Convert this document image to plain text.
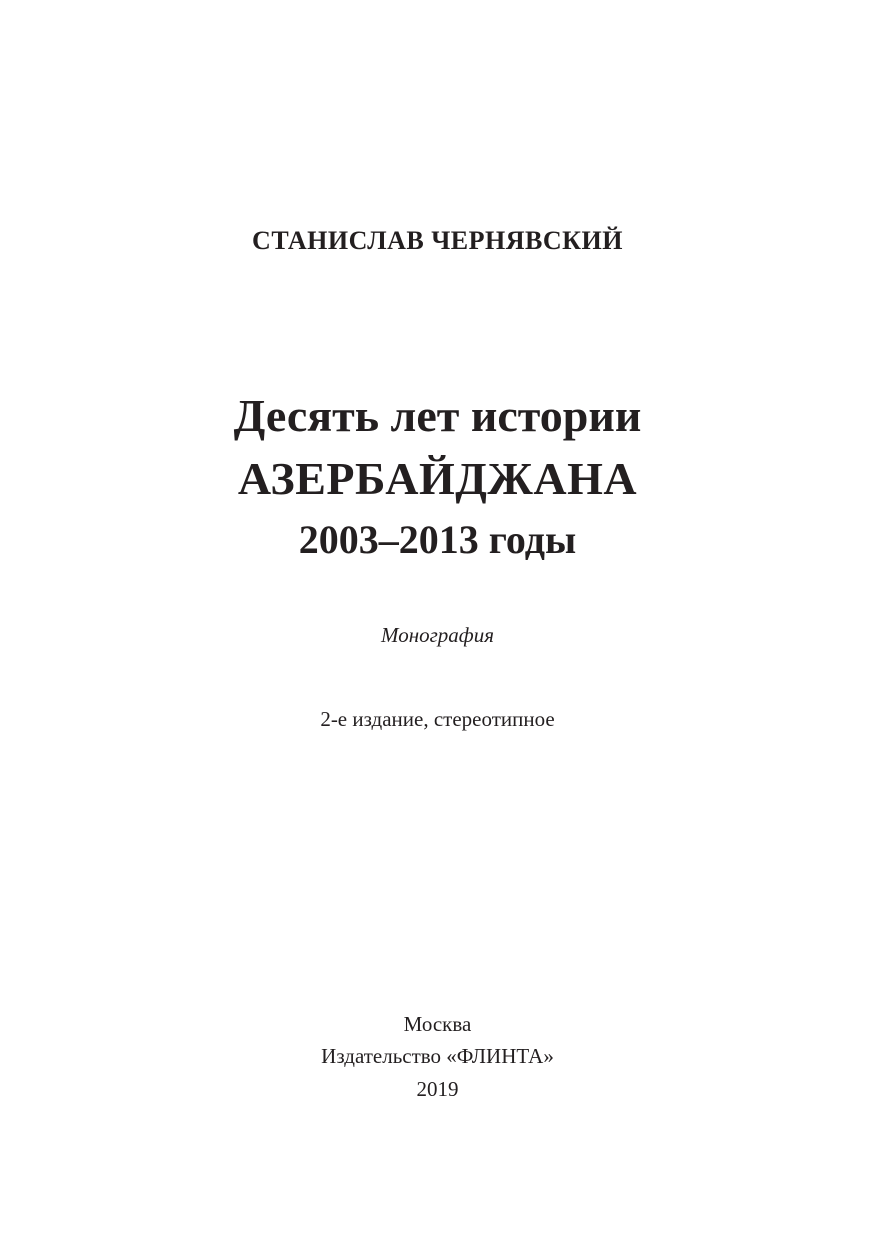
СТАНИСЛАВ ЧЕРНЯВСКИЙ
Десять лет истории
АЗЕРБАЙДЖАНА
2003–2013 годы
Монография
2-е издание, стереотипное
Москва
Издательство «ФЛИНТА»
2019
